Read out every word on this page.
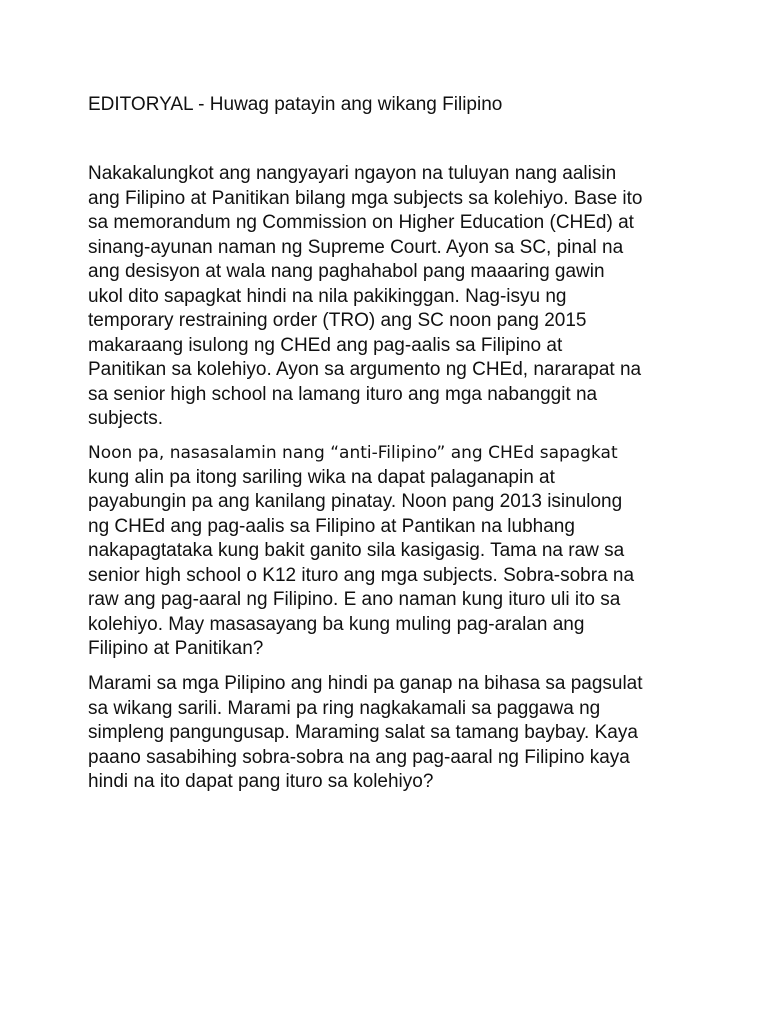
EDITORYAL - Huwag patayin ang wikang Filipino

Nakakalungkot ang nangyayari ngayon na tuluyan nang aalisin
ang Filipino at Panitikan bilang mga subjects sa kolehiyo. Base ito
sa memorandum ng Commission on Higher Education (CHEd) at
sinang-ayunan naman ng Supreme Court. Ayon sa SC, pinal na
ang desisyon at wala nang paghahabol pang maaaring gawin
ukol dito sapagkat hindi na nila pakikinggan. Nag-isyu ng
temporary restraining order (TRO) ang SC noon pang 2015
makaraang isulong ng CHEd ang pag-aalis sa Filipino at
Panitikan sa kolehiyo. Ayon sa argumento ng CHEd, nararapat na
sa senior high school na lamang ituro ang mga nabanggit na
subjects.

Noon pa, nasasalamin nang “anti-Filipino” ang CHEd sapagkat
kung alin pa itong sariling wika na dapat palaganapin at
payabungin pa ang kanilang pinatay. Noon pang 2013 isinulong
ng CHEd ang pag-aalis sa Filipino at Pantikan na lubhang
nakapagtataka kung bakit ganito sila kasigasig. Tama na raw sa
senior high school o K12 ituro ang mga subjects. Sobra-sobra na
raw ang pag-aaral ng Filipino. E ano naman kung ituro uli ito sa
kolehiyo. May masasayang ba kung muling pag-aralan ang
Filipino at Panitikan?

Marami sa mga Pilipino ang hindi pa ganap na bihasa sa pagsulat
sa wikang sarili. Marami pa ring nagkakamali sa paggawa ng
simpleng pangungusap. Maraming salat sa tamang baybay. Kaya
paano sasabihing sobra-sobra na ang pag-aaral ng Filipino kaya
hindi na ito dapat pang ituro sa kolehiyo?
